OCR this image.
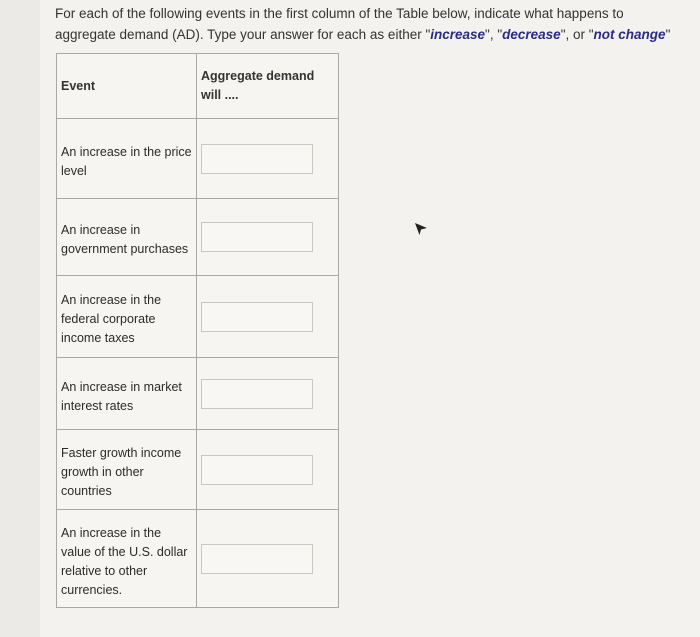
For each of the following events in the first column of the Table below, indicate what happens to
aggregate demand (AD). Type your answer for each as either "increase", "decrease", or "not change"
Event	Aggregate demand will ....

An increase in the price level

An increase in government purchases

An increase in the federal corporate income taxes

An increase in market interest rates

Faster growth income growth in other countries

An increase in the value of the U.S. dollar relative to other currencies.
